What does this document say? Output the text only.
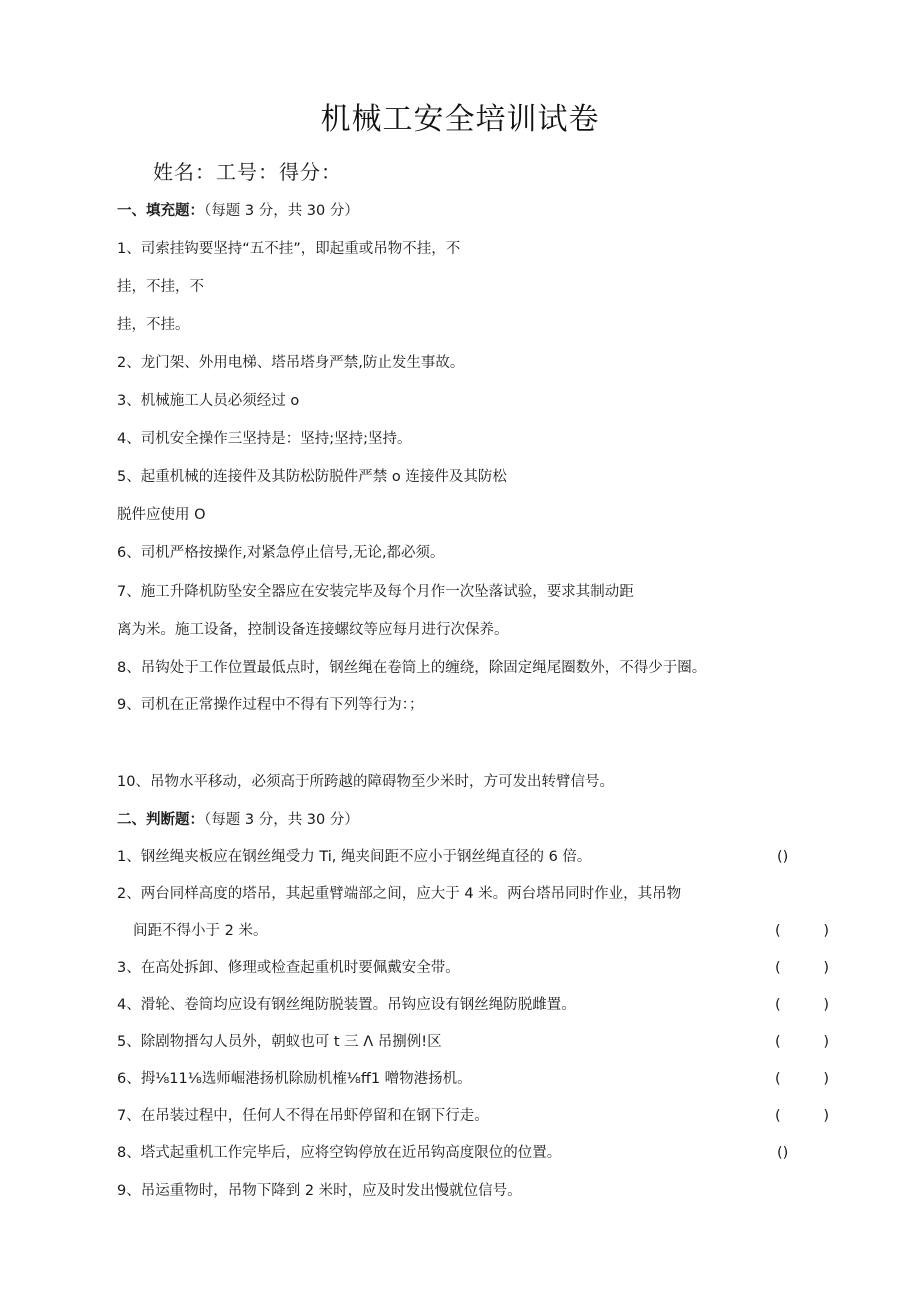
机械工安全培训试卷
姓名：工号：得分：
一、填充题：（每题 3 分，共 30 分）
1、司索挂钩要坚持“五不挂”，即起重或吊物不挂，不
挂，不挂，不
挂，不挂。
2、龙门架、外用电梯、塔吊塔身严禁,防止发生事故。
3、机械施工人员必须经过 o
4、司机安全操作三坚持是：坚持;坚持;坚持。
5、起重机械的连接件及其防松防脱件严禁 o 连接件及其防松
脱件应使用 O
6、司机严格按操作,对紧急停止信号,无论,都必须。
7、施工升降机防坠安全器应在安装完毕及每个月作一次坠落试验，要求其制动距
离为米。施工设备，控制设备连接螺纹等应每月进行次保养。
8、吊钩处于工作位置最低点时，钢丝绳在卷筒上的缠绕，除固定绳尾圈数外，不得少于圈。
9、司机在正常操作过程中不得有下列等行为：；
10、吊物水平移动，必须高于所跨越的障碍物至少米时，方可发出转臂信号。
二、判断题：（每题 3 分，共 30 分）
1、钢丝绳夹板应在钢丝绳受力 Ti, 绳夹间距不应小于钢丝绳直径的 6 倍。	()
2、两台同样高度的塔吊，其起重臂端部之间，应大于 4 米。两台塔吊同时作业，其吊物
间距不得小于 2 米。	(	)
3、在高处拆卸、修理或检查起重机时要佩戴安全带。	(	)
4、滑轮、卷筒均应设有钢丝绳防脱装置。吊钩应设有钢丝绳防脱雌置。	(	)
5、除剧物搢勾人员外，朝蚁也可 t 三 Λ 吊捌例!区	(	)
6、拇⅛11⅛选师崛港扬机除励机榷⅛ff1 噌物港扬机。	(	)
7、在吊装过程中，任何人不得在吊虾停留和在钢下行走。	(	)
8、塔式起重机工作完毕后，应将空钩停放在近吊钩高度限位的位置。	()
9、吊运重物时，吊物下降到 2 米时，应及时发出慢就位信号。
